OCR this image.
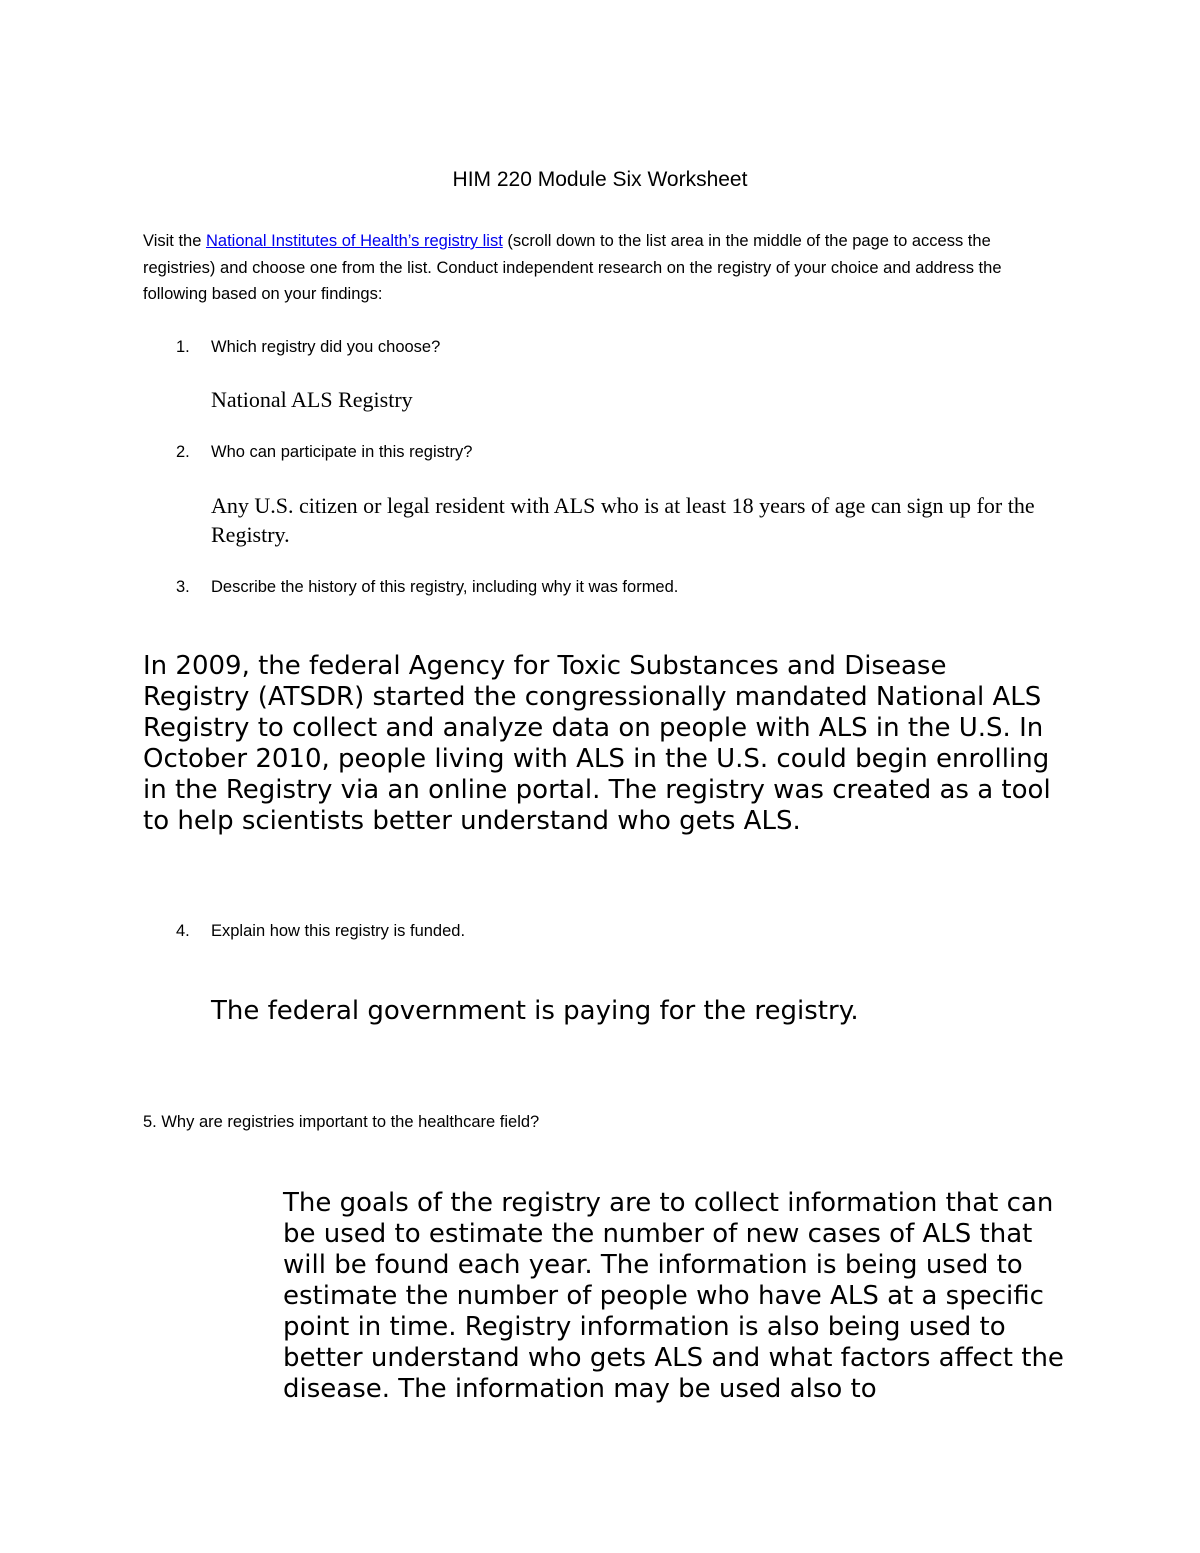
HIM 220 Module Six Worksheet

Visit the National Institutes of Health’s registry list (scroll down to the list area in the middle of the page to access the registries) and choose one from the list. Conduct independent research on the registry of your choice and address the following based on your findings:

1. Which registry did you choose?

National ALS Registry

2. Who can participate in this registry?

Any U.S. citizen or legal resident with ALS who is at least 18 years of age can sign up for the Registry.

3. Describe the history of this registry, including why it was formed.

In 2009, the federal Agency for Toxic Substances and Disease Registry (ATSDR) started the congressionally mandated National ALS Registry to collect and analyze data on people with ALS in the U.S. In October 2010, people living with ALS in the U.S. could begin enrolling in the Registry via an online portal. The registry was created as a tool to help scientists better understand who gets ALS.

4. Explain how this registry is funded.

The federal government is paying for the registry.

5. Why are registries important to the healthcare field?

The goals of the registry are to collect information that can be used to estimate the number of new cases of ALS that will be found each year. The information is being used to estimate the number of people who have ALS at a specific point in time. Registry information is also being used to better understand who gets ALS and what factors affect the disease. The information may be used also to
